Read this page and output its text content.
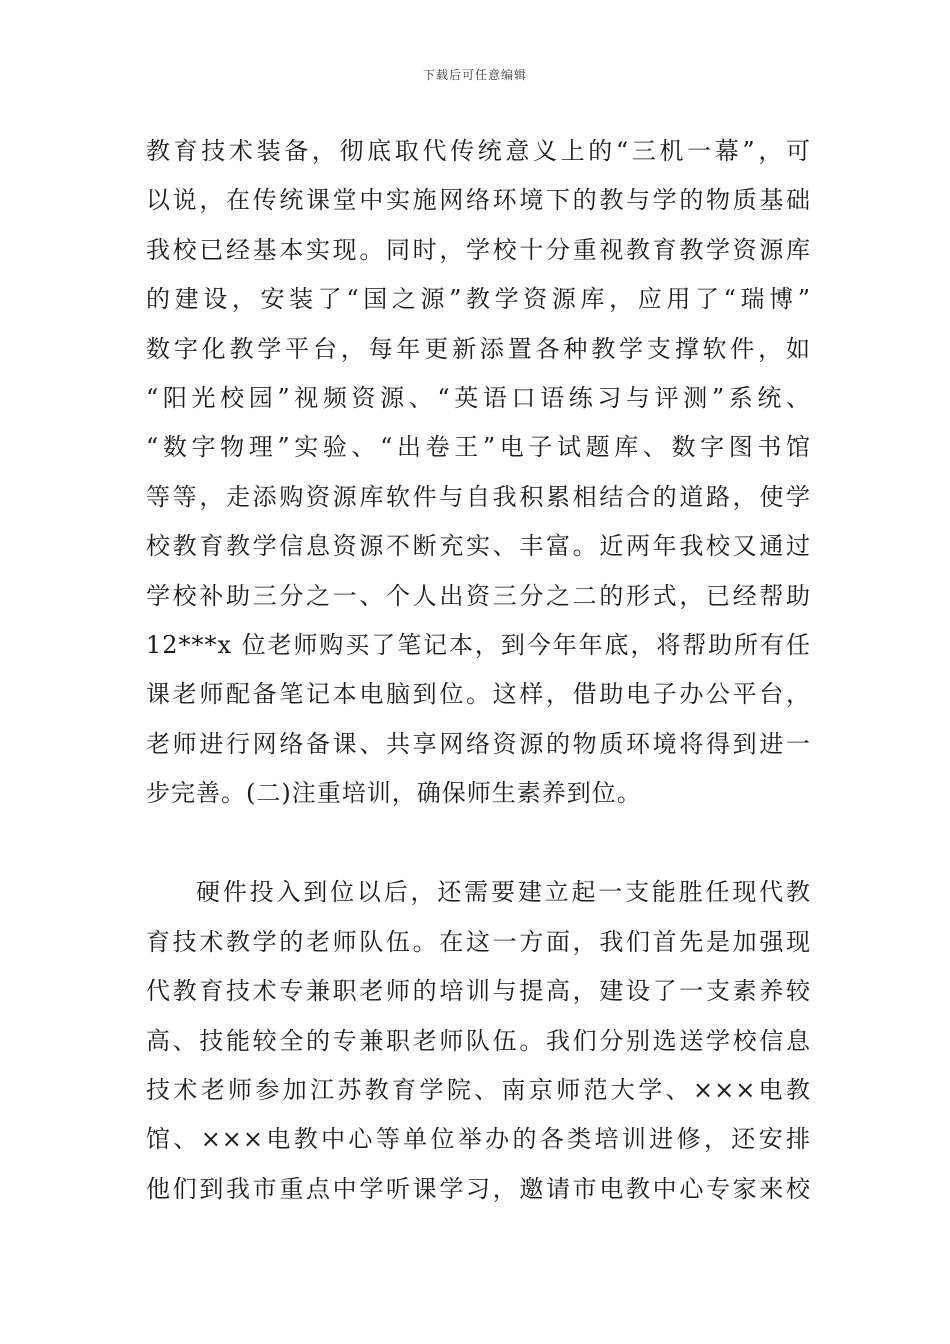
下载后可任意编辑
教育技术装备，彻底取代传统意义上的“三机一幕”，可
以说，在传统课堂中实施网络环境下的教与学的物质基础
我校已经基本实现。同时，学校十分重视教育教学资源库
的建设，安装了“国之源”教学资源库，应用了“瑞博”
数字化教学平台，每年更新添置各种教学支撑软件，如
“阳光校园”视频资源、“英语口语练习与评测”系统、
“数字物理”实验、“出卷王”电子试题库、数字图书馆
等等，走添购资源库软件与自我积累相结合的道路，使学
校教育教学信息资源不断充实、丰富。近两年我校又通过
学校补助三分之一、个人出资三分之二的形式，已经帮助
12***x 位老师购买了笔记本，到今年年底，将帮助所有任
课老师配备笔记本电脑到位。这样，借助电子办公平台，
老师进行网络备课、共享网络资源的物质环境将得到进一
步完善。(二)注重培训，确保师生素养到位。
硬件投入到位以后，还需要建立起一支能胜任现代教
育技术教学的老师队伍。在这一方面，我们首先是加强现
代教育技术专兼职老师的培训与提高，建设了一支素养较
高、技能较全的专兼职老师队伍。我们分别选送学校信息
技术老师参加江苏教育学院、南京师范大学、×××电教
馆、×××电教中心等单位举办的各类培训进修，还安排
他们到我市重点中学听课学习，邀请市电教中心专家来校
